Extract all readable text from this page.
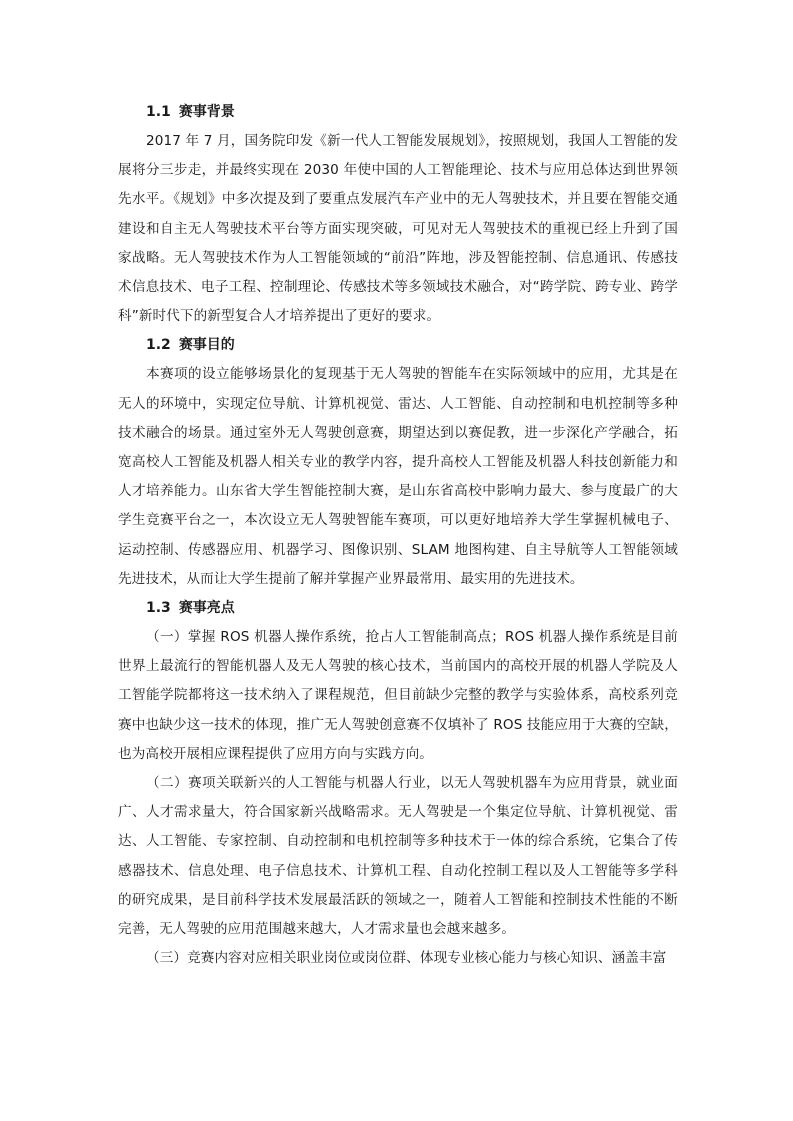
1.1 赛事背景

2017 年 7 月，国务院印发《新一代人工智能发展规划》，按照规划，我国人工智能的发展将分三步走，并最终实现在 2030 年使中国的人工智能理论、技术与应用总体达到世界领先水平。《规划》中多次提及到了要重点发展汽车产业中的无人驾驶技术，并且要在智能交通建设和自主无人驾驶技术平台等方面实现突破，可见对无人驾驶技术的重视已经上升到了国家战略。无人驾驶技术作为人工智能领域的“前沿”阵地，涉及智能控制、信息通讯、传感技术信息技术、电子工程、控制理论、传感技术等多领域技术融合，对“跨学院、跨专业、跨学科”新时代下的新型复合人才培养提出了更好的要求。

1.2 赛事目的

本赛项的设立能够场景化的复现基于无人驾驶的智能车在实际领域中的应用，尤其是在无人的环境中，实现定位导航、计算机视觉、雷达、人工智能、自动控制和电机控制等多种技术融合的场景。通过室外无人驾驶创意赛，期望达到以赛促教，进一步深化产学融合，拓宽高校人工智能及机器人相关专业的教学内容，提升高校人工智能及机器人科技创新能力和人才培养能力。山东省大学生智能控制大赛，是山东省高校中影响力最大、参与度最广的大学生竞赛平台之一，本次设立无人驾驶智能车赛项，可以更好地培养大学生掌握机械电子、运动控制、传感器应用、机器学习、图像识别、SLAM 地图构建、自主导航等人工智能领域先进技术，从而让大学生提前了解并掌握产业界最常用、最实用的先进技术。

1.3 赛事亮点

（一）掌握 ROS 机器人操作系统，抢占人工智能制高点；ROS 机器人操作系统是目前世界上最流行的智能机器人及无人驾驶的核心技术，当前国内的高校开展的机器人学院及人工智能学院都将这一技术纳入了课程规范，但目前缺少完整的教学与实验体系，高校系列竞赛中也缺少这一技术的体现，推广无人驾驶创意赛不仅填补了 ROS 技能应用于大赛的空缺，也为高校开展相应课程提供了应用方向与实践方向。

（二）赛项关联新兴的人工智能与机器人行业，以无人驾驶机器车为应用背景，就业面广、人才需求量大，符合国家新兴战略需求。无人驾驶是一个集定位导航、计算机视觉、雷达、人工智能、专家控制、自动控制和电机控制等多种技术于一体的综合系统，它集合了传感器技术、信息处理、电子信息技术、计算机工程、自动化控制工程以及人工智能等多学科的研究成果，是目前科学技术发展最活跃的领域之一，随着人工智能和控制技术性能的不断完善，无人驾驶的应用范围越来越大，人才需求量也会越来越多。

（三）竞赛内容对应相关职业岗位或岗位群、体现专业核心能力与核心知识、涵盖丰富
